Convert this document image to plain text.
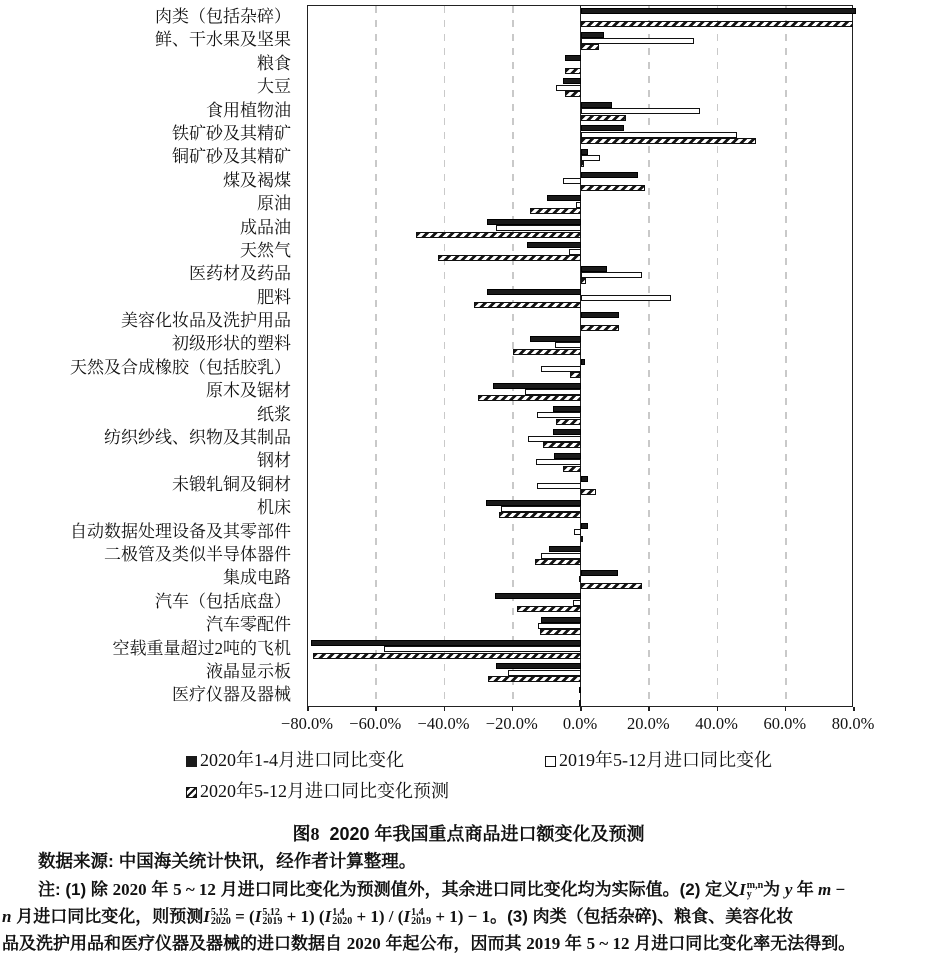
肉类（包括杂碎）
鲜、干水果及坚果
粮食
大豆
食用植物油
铁矿砂及其精矿
铜矿砂及其精矿
煤及褐煤
原油
成品油
天然气
医药材及药品
肥料
美容化妆品及洗护用品
初级形状的塑料
天然及合成橡胶（包括胶乳）
原木及锯材
纸浆
纺织纱线、织物及其制品
钢材
未锻轧铜及铜材
机床
自动数据处理设备及其零部件
二极管及类似半导体器件
集成电路
汽车（包括底盘）
汽车零配件
空载重量超过2吨的飞机
液晶显示板
医疗仪器及器械
−80.0% −60.0% −40.0% −20.0% 0.0% 20.0% 40.0% 60.0% 80.0%
2020年1-4月进口同比变化	2019年5-12月进口同比变化
2020年5-12月进口同比变化预测
图8 2020 年我国重点商品进口额变化及预测
数据来源: 中国海关统计快讯，经作者计算整理。
注: (1) 除 2020 年 5 ~ 12 月进口同比变化为预测值外，其余进口同比变化均为实际值。(2) 定义 I m,n
y 为 y 年 m −
n 月进口同比变化，则预测 I 5,12
2020 = ( I 5,12
2019 + 1) ( I 1,4
2020 + 1) / ( I 1,4
2019 + 1) − 1。(3) 肉类（包括杂碎)、粮食、美容化妆
品及洗护用品和医疗仪器及器械的进口数据自 2020 年起公布，因而其 2019 年 5 ~ 12 月进口同比变化率无法得到。
